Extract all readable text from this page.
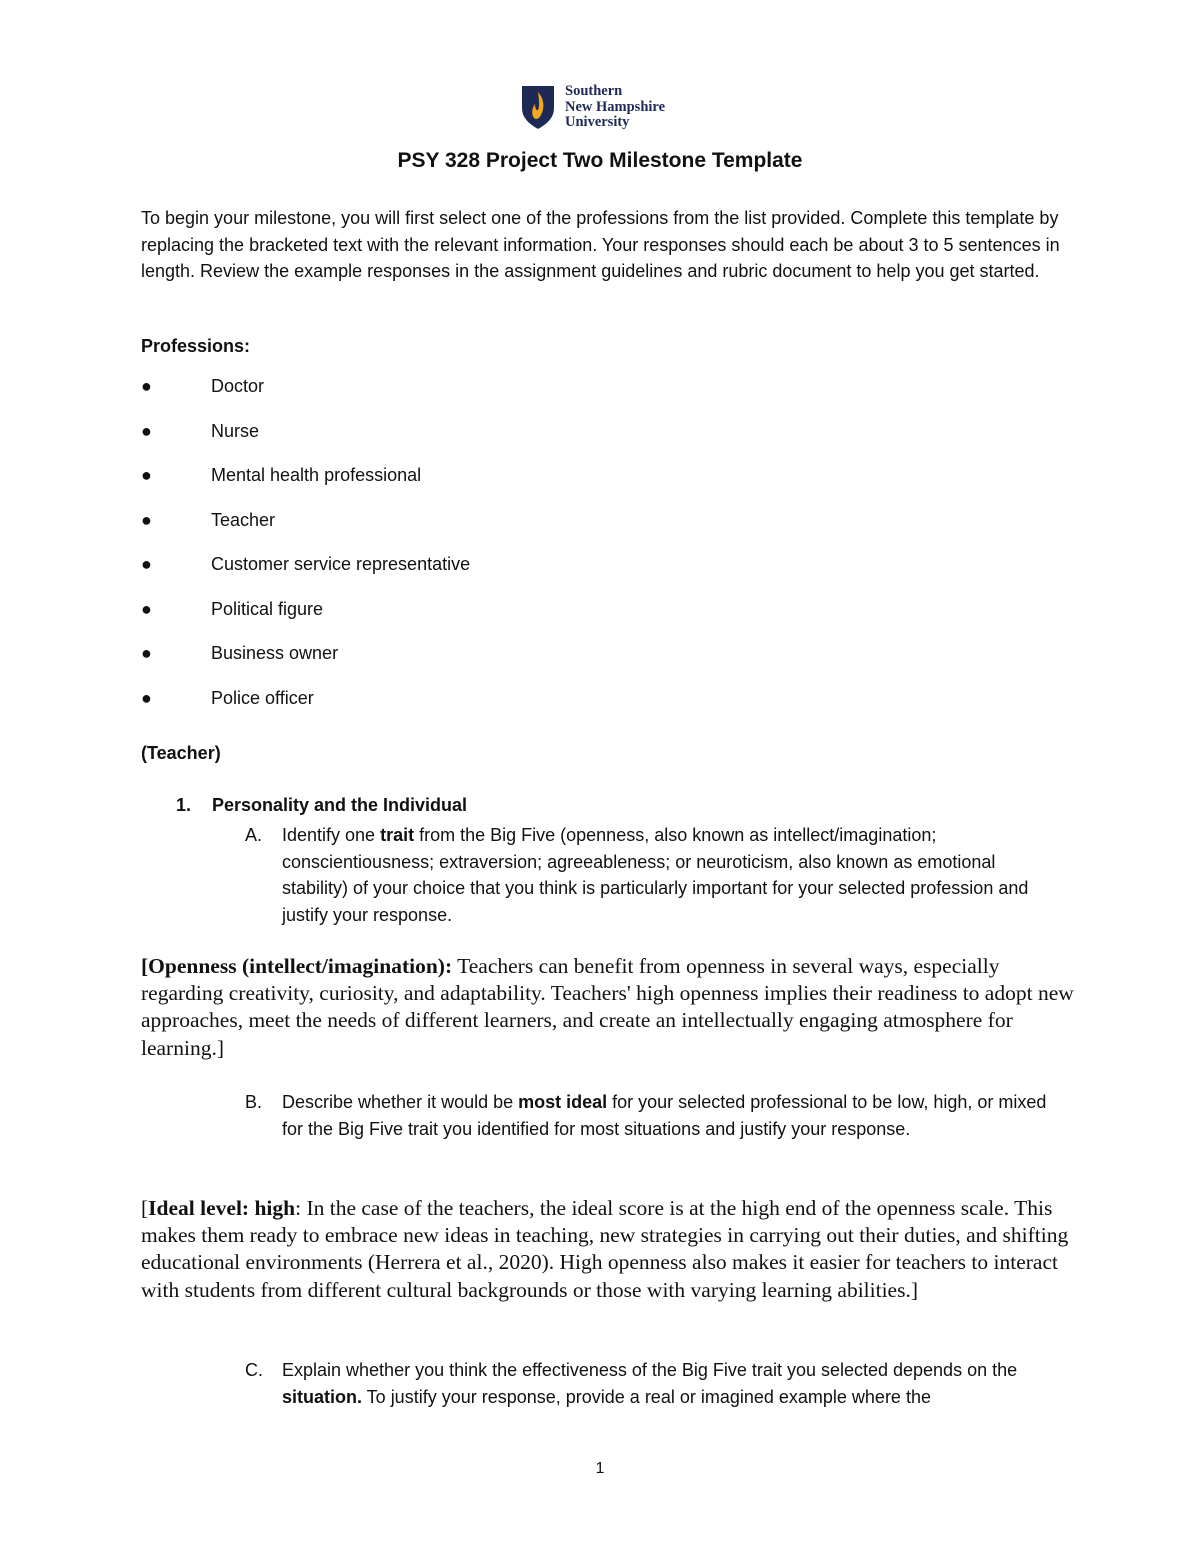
Southern
New Hampshire
University
PSY 328 Project Two Milestone Template
To begin your milestone, you will first select one of the professions from the list provided. Complete this template by replacing the bracketed text with the relevant information. Your responses should each be about 3 to 5 sentences in length. Review the example responses in the assignment guidelines and rubric document to help you get started.
Professions:
●	Doctor
●	Nurse
●	Mental health professional
●	Teacher
●	Customer service representative
●	Political figure
●	Business owner
●	Police officer
(Teacher)
1. Personality and the Individual
A.	Identify one trait from the Big Five (openness, also known as intellect/imagination; conscientiousness; extraversion; agreeableness; or neuroticism, also known as emotional stability) of your choice that you think is particularly important for your selected profession and justify your response.
[Openness (intellect/imagination): Teachers can benefit from openness in several ways, especially regarding creativity, curiosity, and adaptability. Teachers' high openness implies their readiness to adopt new approaches, meet the needs of different learners, and create an intellectually engaging atmosphere for learning.]
B.	Describe whether it would be most ideal for your selected professional to be low, high, or mixed for the Big Five trait you identified for most situations and justify your response.
[Ideal level: high: In the case of the teachers, the ideal score is at the high end of the openness scale. This makes them ready to embrace new ideas in teaching, new strategies in carrying out their duties, and shifting educational environments (Herrera et al., 2020). High openness also makes it easier for teachers to interact with students from different cultural backgrounds or those with varying learning abilities.]
C.	Explain whether you think the effectiveness of the Big Five trait you selected depends on the situation. To justify your response, provide a real or imagined example where the
1
